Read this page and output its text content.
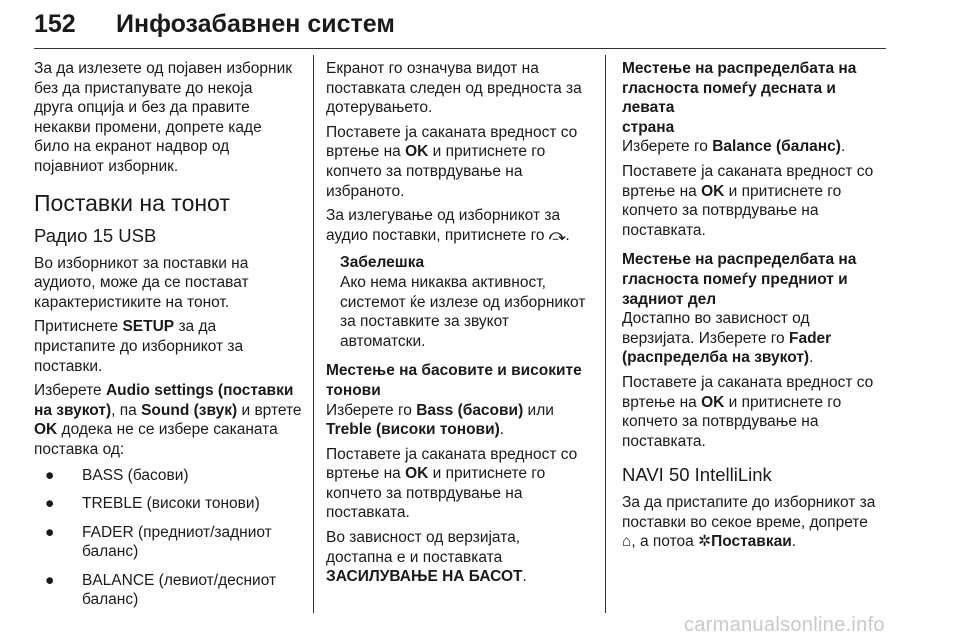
152 Инфозабавнен систем

За да излезете од појавен изборник
без да пристапувате до некоја
друга опција и без да правите
некакви промени, допрете каде
било на екранот надвор од
појавниот изборник.

Поставки на тонот
Радио 15 USB

Во изборникот за поставки на
аудиото, може да се постават
карактеристиките на тонот.

Притиснете SETUP за да
пристапите до изборникот за
поставки.

Изберете Audio settings (поставки
на звукот), па Sound (звук) и вртете
OK додека не се избере саканата
поставка од:

● BASS (басови)
● TREBLE (високи тонови)
● FADER (предниот/задниот
баланс)
● BALANCE (левиот/десниот
баланс)

Екранот го означува видот на
поставката следен од вредноста за
дотерувањето.

Поставете ја саканата вредност со
вртење на OK и притиснете го
копчето за потврдување на
избраното.

За излегување од изборникот за
аудио поставки, притиснете го ⤼.

Забелешка
Ако нема никаква активност,
системот ќе излезе од изборникот
за поставките за звукот
автоматски.
Местење на басовите и високите
тонови

Изберете го Bass (басови) или
Treble (високи тонови).

Поставете ја саканата вредност со
вртење на OK и притиснете го
копчето за потврдување на
поставката.

Во зависност од верзијата,
достапна е и поставката
ЗАСИЛУВАЊЕ НА БАСОТ.

Местење на распределбата на
гласноста помеѓу десната и левата
страна

Изберете го Balance (баланс).

Поставете ја саканата вредност со
вртење на OK и притиснете го
копчето за потврдување на
поставката.

Местење на распределбата на
гласноста помеѓу предниот и
задниот дел

Достапно во зависност од
верзијата. Изберете го Fader
(распределба на звукот).

Поставете ја саканата вредност со
вртење на OK и притиснете го
копчето за потврдување на
поставката.

NAVI 50 IntelliLink

За да пристапите до изборникот за
поставки во секое време, допрете
⌂, а потоа ✲Поставкаи.

carmanualsonline.info
